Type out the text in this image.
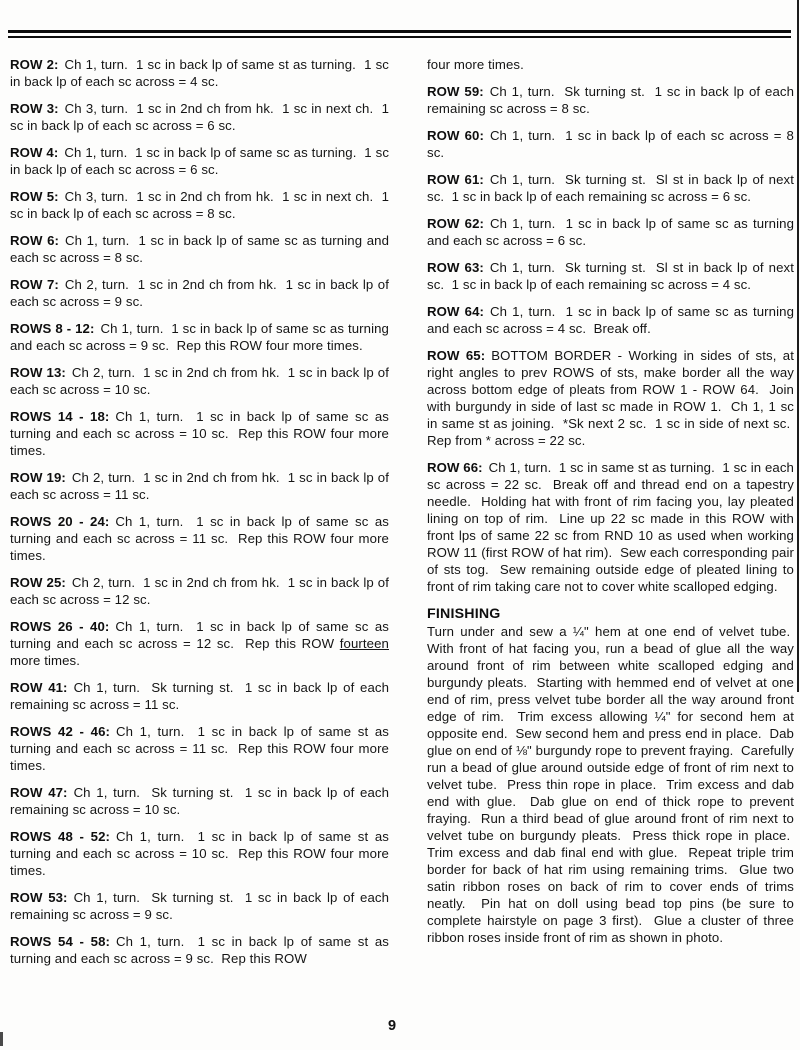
ROW 2: Ch 1, turn.  1 sc in back lp of same st as turning.  1 sc in back lp of each sc across = 4 sc.

ROW 3: Ch 3, turn.  1 sc in 2nd ch from hk.  1 sc in next ch.  1 sc in back lp of each sc across = 6 sc.

ROW 4: Ch 1, turn.  1 sc in back lp of same sc as turning.  1 sc in back lp of each sc across = 6 sc.

ROW 5: Ch 3, turn.  1 sc in 2nd ch from hk.  1 sc in next ch.  1 sc in back lp of each sc across = 8 sc.

ROW 6: Ch 1, turn.  1 sc in back lp of same sc as turning and each sc across = 8 sc.

ROW 7: Ch 2, turn.  1 sc in 2nd ch from hk.  1 sc in back lp of each sc across = 9 sc.

ROWS 8 - 12: Ch 1, turn.  1 sc in back lp of same sc as turning and each sc across = 9 sc.  Rep this ROW four more times.

ROW 13: Ch 2, turn.  1 sc in 2nd ch from hk.  1 sc in back lp of each sc across = 10 sc.

ROWS 14 - 18: Ch 1, turn.  1 sc in back lp of same sc as turning and each sc across = 10 sc.  Rep this ROW four more times.

ROW 19: Ch 2, turn.  1 sc in 2nd ch from hk.  1 sc in back lp of each sc across = 11 sc.

ROWS 20 - 24: Ch 1, turn.  1 sc in back lp of same sc as turning and each sc across = 11 sc.  Rep this ROW four more times.

ROW 25: Ch 2, turn.  1 sc in 2nd ch from hk.  1 sc in back lp of each sc across = 12 sc.

ROWS 26 - 40: Ch 1, turn.  1 sc in back lp of same sc as turning and each sc across = 12 sc.  Rep this ROW fourteen more times.

ROW 41: Ch 1, turn.  Sk turning st.  1 sc in back lp of each remaining sc across = 11 sc.

ROWS 42 - 46: Ch 1, turn.  1 sc in back lp of same st as turning and each sc across = 11 sc.  Rep this ROW four more times.

ROW 47: Ch 1, turn.  Sk turning st.  1 sc in back lp of each remaining sc across = 10 sc.

ROWS 48 - 52: Ch 1, turn.  1 sc in back lp of same st as turning and each sc across = 10 sc.  Rep this ROW four more times.

ROW 53: Ch 1, turn.  Sk turning st.  1 sc in back lp of each remaining sc across = 9 sc.

ROWS 54 - 58: Ch 1, turn.  1 sc in back lp of same st as turning and each sc across = 9 sc.  Rep this ROW

four more times.

ROW 59: Ch 1, turn.  Sk turning st.  1 sc in back lp of each remaining sc across = 8 sc.

ROW 60: Ch 1, turn.  1 sc in back lp of each sc across = 8 sc.

ROW 61: Ch 1, turn.  Sk turning st.  Sl st in back lp of next sc.  1 sc in back lp of each remaining sc across = 6 sc.

ROW 62: Ch 1, turn.  1 sc in back lp of same sc as turning and each sc across = 6 sc.

ROW 63: Ch 1, turn.  Sk turning st.  Sl st in back lp of next sc.  1 sc in back lp of each remaining sc across = 4 sc.

ROW 64: Ch 1, turn.  1 sc in back lp of same sc as turning and each sc across = 4 sc.  Break off.

ROW 65: BOTTOM BORDER - Working in sides of sts, at right angles to prev ROWS of sts, make border all the way across bottom edge of pleats from ROW 1 - ROW 64.  Join with burgundy in side of last sc made in ROW 1.  Ch 1, 1 sc in same st as joining.  *Sk next 2 sc.  1 sc in side of next sc.  Rep from * across = 22 sc.

ROW 66: Ch 1, turn.  1 sc in same st as turning.  1 sc in each sc across = 22 sc.  Break off and thread end on a tapestry needle.  Holding hat with front of rim facing you, lay pleated lining on top of rim.  Line up 22 sc made in this ROW with front lps of same 22 sc from RND 10 as used when working ROW 11 (first ROW of hat rim).  Sew each corresponding pair of sts tog.  Sew remaining outside edge of pleated lining to front of rim taking care not to cover white scalloped edging.

FINISHING

Turn under and sew a ¼" hem at one end of velvet tube.  With front of hat facing you, run a bead of glue all the way around front of rim between white scalloped edging and burgundy pleats.  Starting with hemmed end of velvet at one end of rim, press velvet tube border all the way around front edge of rim.  Trim excess allowing ¼" for second hem at opposite end.  Sew second hem and press end in place.  Dab glue on end of ⅛" burgundy rope to prevent fraying.  Carefully run a bead of glue around outside edge of front of rim next to velvet tube.  Press thin rope in place.  Trim excess and dab end with glue.  Dab glue on end of thick rope to prevent fraying.  Run a third bead of glue around front of rim next to velvet tube on burgundy pleats.  Press thick rope in place.  Trim excess and dab final end with glue.  Repeat triple trim border for back of hat rim using remaining trims.  Glue two satin ribbon roses on back of rim to cover ends of trims neatly.  Pin hat on doll using bead top pins (be sure to complete hairstyle on page 3 first).  Glue a cluster of three ribbon roses inside front of rim as shown in photo.

9
